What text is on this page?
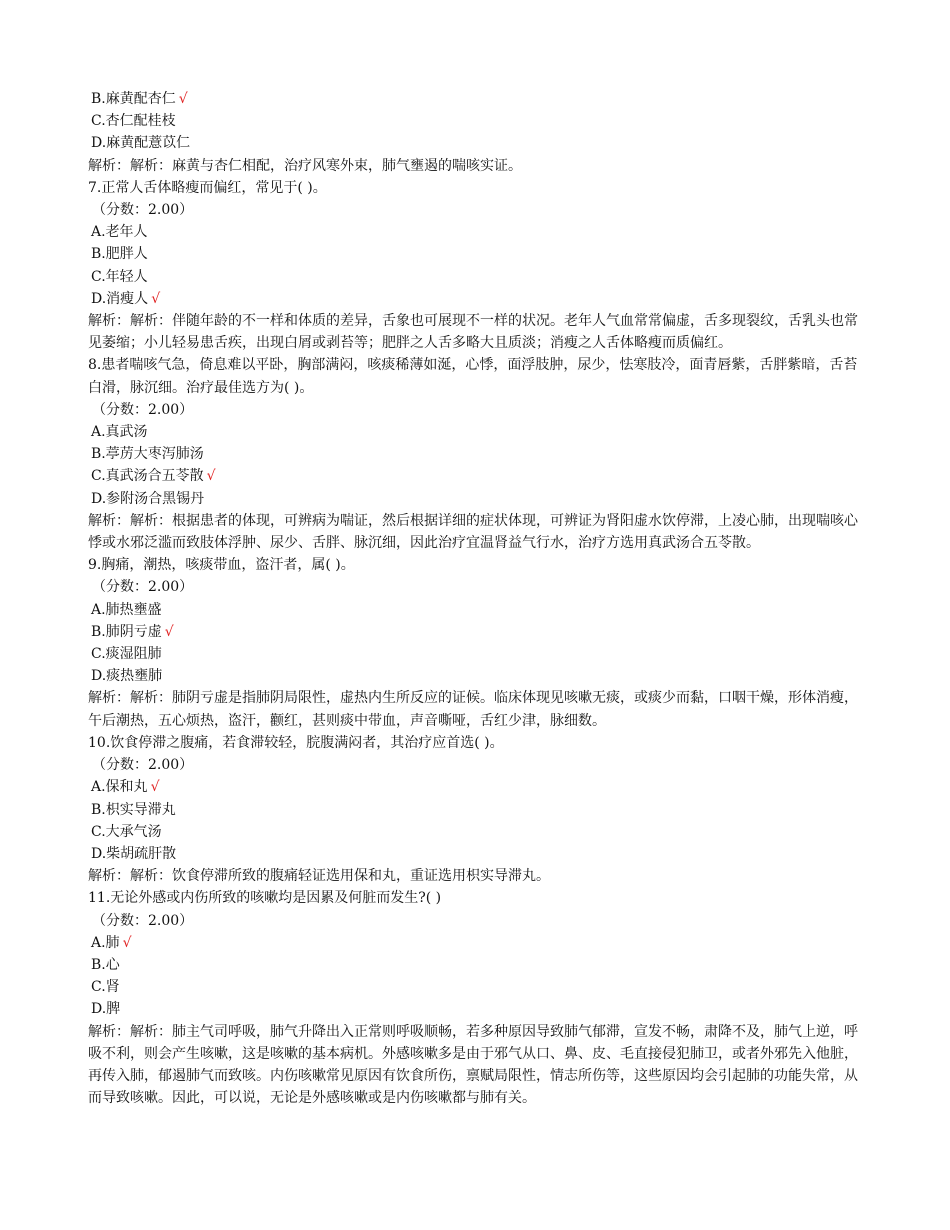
B.麻黄配杏仁 √
C.杏仁配桂枝
D.麻黄配薏苡仁
解析：解析：麻黄与杏仁相配，治疗风寒外束，肺气壅遏的喘咳实证。
7.正常人舌体略瘦而偏红，常见于( )。
（分数：2.00）
A.老年人
B.肥胖人
C.年轻人
D.消瘦人 √
解析：解析：伴随年龄的不一样和体质的差异，舌象也可展现不一样的状况。老年人气血常常偏虚，舌多现裂纹，舌乳头也常
见萎缩；小儿轻易患舌疾，出现白屑或剥苔等；肥胖之人舌多略大且质淡；消瘦之人舌体略瘦而质偏红。
8.患者喘咳气急，倚息难以平卧，胸部满闷，咳痰稀薄如涎，心悸，面浮肢肿，尿少，怯寒肢冷，面青唇紫，舌胖紫暗，舌苔
白滑，脉沉细。治疗最佳选方为( )。
（分数：2.00）
A.真武汤
B.葶苈大枣泻肺汤
C.真武汤合五苓散 √
D.参附汤合黑锡丹
解析：解析：根据患者的体现，可辨病为喘证，然后根据详细的症状体现，可辨证为肾阳虚水饮停滞，上凌心肺，出现喘咳心
悸或水邪泛滥而致肢体浮肿、尿少、舌胖、脉沉细，因此治疗宜温肾益气行水，治疗方选用真武汤合五苓散。
9.胸痛，潮热，咳痰带血，盗汗者，属( )。
（分数：2.00）
A.肺热壅盛
B.肺阴亏虚 √
C.痰湿阻肺
D.痰热壅肺
解析：解析：肺阴亏虚是指肺阴局限性，虚热内生所反应的证候。临床体现见咳嗽无痰，或痰少而黏，口咽干燥，形体消瘦，
午后潮热，五心烦热，盗汗，颧红，甚则痰中带血，声音嘶哑，舌红少津，脉细数。
10.饮食停滞之腹痛，若食滞较轻，脘腹满闷者，其治疗应首选( )。
（分数：2.00）
A.保和丸 √
B.枳实导滞丸
C.大承气汤
D.柴胡疏肝散
解析：解析：饮食停滞所致的腹痛轻证选用保和丸，重证选用枳实导滞丸。
11.无论外感或内伤所致的咳嗽均是因累及何脏而发生?( )
（分数：2.00）
A.肺 √
B.心
C.肾
D.脾
解析：解析：肺主气司呼吸，肺气升降出入正常则呼吸顺畅，若多种原因导致肺气郁滞，宣发不畅，肃降不及，肺气上逆，呼
吸不利，则会产生咳嗽，这是咳嗽的基本病机。外感咳嗽多是由于邪气从口、鼻、皮、毛直接侵犯肺卫，或者外邪先入他脏，
再传入肺，郁遏肺气而致咳。内伤咳嗽常见原因有饮食所伤，禀赋局限性，情志所伤等，这些原因均会引起肺的功能失常，从
而导致咳嗽。因此，可以说，无论是外感咳嗽或是内伤咳嗽都与肺有关。
